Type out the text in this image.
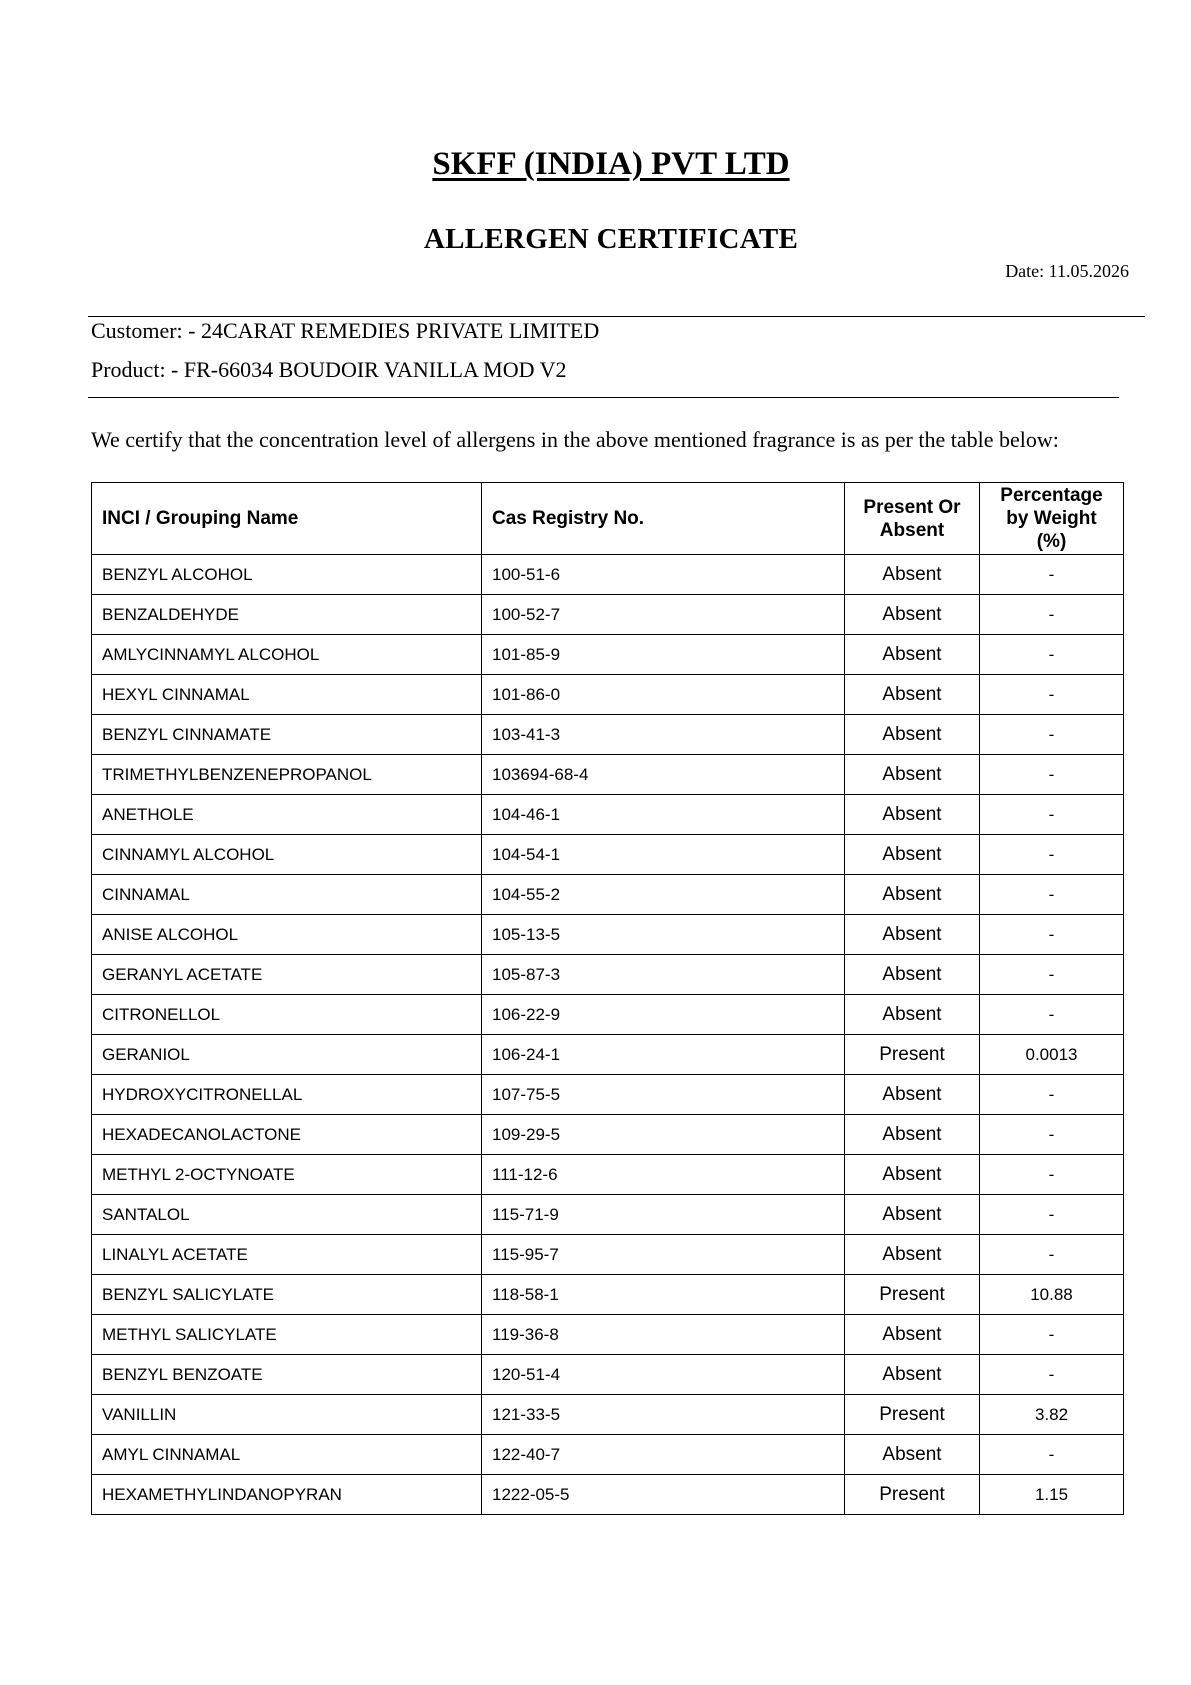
SKFF (INDIA) PVT LTD
ALLERGEN CERTIFICATE
Date: 11.05.2026
Customer: - 24CARAT REMEDIES PRIVATE LIMITED
Product: - FR-66034 BOUDOIR VANILLA MOD V2
We certify that the concentration level of allergens in the above mentioned fragrance is as per the table below:
INCI / Grouping Name	Cas Registry No.	Present Or Absent	Percentage by Weight (%)
BENZYL ALCOHOL	100-51-6	Absent	-
BENZALDEHYDE	100-52-7	Absent	-
AMLYCINNAMYL ALCOHOL	101-85-9	Absent	-
HEXYL CINNAMAL	101-86-0	Absent	-
BENZYL CINNAMATE	103-41-3	Absent	-
TRIMETHYLBENZENEPROPANOL	103694-68-4	Absent	-
ANETHOLE	104-46-1	Absent	-
CINNAMYL ALCOHOL	104-54-1	Absent	-
CINNAMAL	104-55-2	Absent	-
ANISE ALCOHOL	105-13-5	Absent	-
GERANYL ACETATE	105-87-3	Absent	-
CITRONELLOL	106-22-9	Absent	-
GERANIOL	106-24-1	Present	0.0013
HYDROXYCITRONELLAL	107-75-5	Absent	-
HEXADECANOLACTONE	109-29-5	Absent	-
METHYL 2-OCTYNOATE	111-12-6	Absent	-
SANTALOL	115-71-9	Absent	-
LINALYL ACETATE	115-95-7	Absent	-
BENZYL SALICYLATE	118-58-1	Present	10.88
METHYL SALICYLATE	119-36-8	Absent	-
BENZYL BENZOATE	120-51-4	Absent	-
VANILLIN	121-33-5	Present	3.82
AMYL CINNAMAL	122-40-7	Absent	-
HEXAMETHYLINDANOPYRAN	1222-05-5	Present	1.15
